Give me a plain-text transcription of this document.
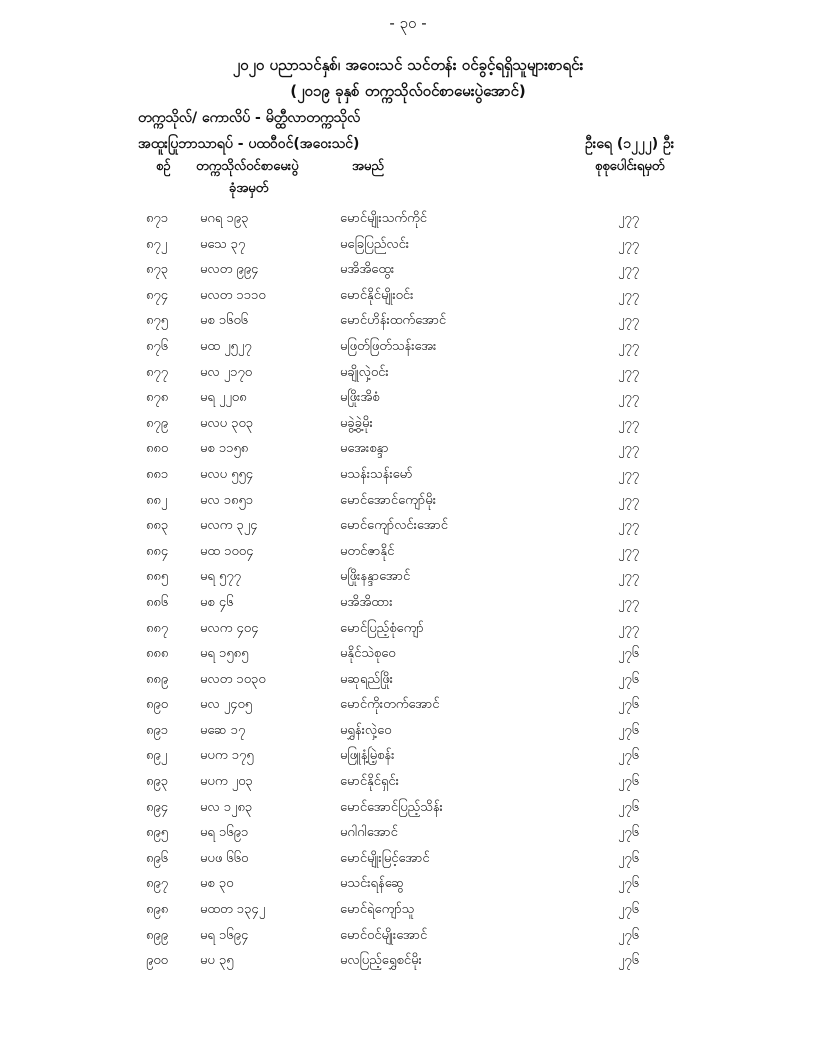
- ၃၀ -
၂၀၂၀ ပညာသင်နှစ်၊ အဝေးသင် သင်တန်း ဝင်ခွင့်ရရှိသူများစာရင်း
(၂၀၁၉ ခုနှစ် တက္ကသိုလ်ဝင်စာမေးပွဲအောင်)
တက္ကသိုလ်/ ကောလိပ် - မိတ္ထီလာတက္ကသိုလ်
အထူးပြုဘာသာရပ် - ပထဝီဝင်(အဝေးသင်)	ဦးရေ (၁၂၂၂) ဦး
စဉ် တက္ကသိုလ်ဝင်စာမေးပွဲ
ခုံအမှတ်
အမည်	စုစုပေါင်းရမှတ်
၈၇၁	မဂရ ၁၉၃	မောင်မျိုးသက်ကိုင်	၂၇၇
၈၇၂	မသေ ၃၇	မခြေပြည်လင်း	၂၇၇
၈၇၃	မလတ ၉၉၄	မအိအိထွေး	၂၇၇
၈၇၄	မလတ ၁၁၁၀	မောင်နိုင်မျိုးဝင်း	၂၇၇
၈၇၅	မစ ၁၆၀၆	မောင်ဟိန်းထက်အောင်	၂၇၇
၈၇၆	မထ ၂၅၂၇	မဖြတ်ဖြတ်သန်းအေး	၂၇၇
၈၇၇	မလ ၂၁၇၀	မချိုလှဲ့ဝင်း	၂၇၇
၈၇၈	မရ ၂၂၀၈	မဖြိုးအိစံ	၂၇၇
၈၇၉	မလပ ၃၀၃	မခွဲ့ခွဲ့မိုး	၂၇၇
၈၈၀	မစ ၁၁၅၈	မအေးစန္ဒာ	၂၇၇
၈၈၁	မလပ ၅၅၄	မသန်းသန်းမော်	၂၇၇
၈၈၂	မလ ၁၈၅၁	မောင်အောင်ကျော်မိုး	၂၇၇
၈၈၃	မလက ၃၂၄	မောင်ကျော်လင်းအောင်	၂၇၇
၈၈၄	မထ ၁၀၀၄	မတင်ဇာနိုင်	၂၇၇
၈၈၅	မရ ၅၇၇	မဖြိုးနန္ဒာအောင်	၂၇၇
၈၈၆	မစ ၄၆	မအိအိထား	၂၇၇
၈၈၇	မလက ၄၀၄	မောင်ပြည့်စုံကျော်	၂၇၇
၈၈၈	မရ ၁၅၈၅	မနိုင်သဲစုဝေ	၂၇၆
၈၈၉	မလတ ၁၀၃၀	မဆုရည်ဖြိုး	၂၇၆
၈၉၀	မလ ၂၄၀၅	မောင်ကိုးတက်အောင်	၂၇၆
၈၉၁	မဆေ ၁၇	မရွှန်းလှဲ့ဝေ	၂၇၆
၈၉၂	မပက ၁၇၅	မဖြူနံ့မြဲ့စန်း	၂၇၆
၈၉၃	မပက ၂၀၃	မောင်နိုင်ရှင်း	၂၇၆
၈၉၄	မလ ၁၂၈၃	မောင်အောင်ပြည့်သိန်း	၂၇၆
၈၉၅	မရ ၁၆၉၁	မဂါဂါအောင်	၂၇၆
၈၉၆	မပဖ ၆၆၀	မောင်မျိုးမြင့်အောင်	၂၇၆
၈၉၇	မစ ၃၀	မသင်းရန်ဆွေ	၂၇၆
၈၉၈	မထတ ၁၃၄၂	မောင်ရဲကျော်သူ	၂၇၆
၈၉၉	မရ ၁၆၉၄	မောင်ဝင်မျိုးအောင်	၂၇၆
၉၀၀	မပ ၃၅	မလပြည့်ရွှေစင်မိုး	၂၇၆
